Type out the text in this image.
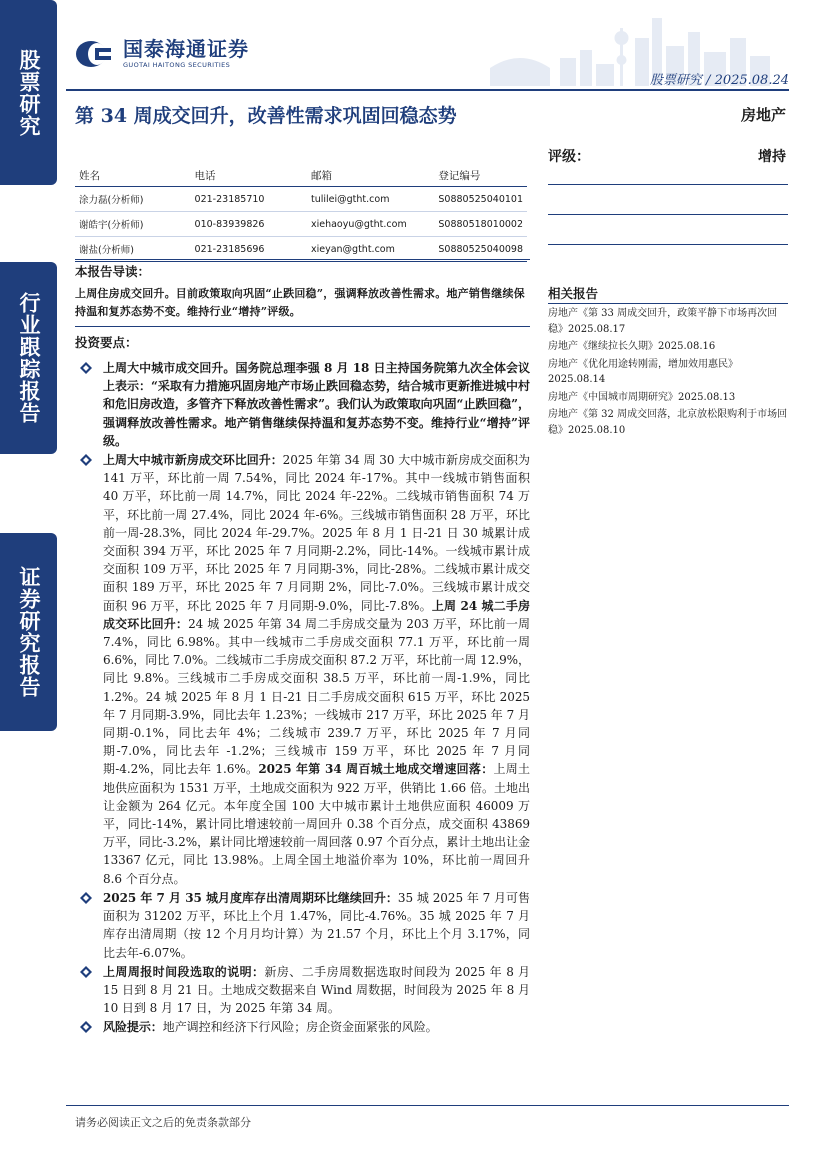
股票研究
行业跟踪报告
证券研究报告
国泰海通证券
GUOTAI HAITONG SECURITIES
股票研究 / 2025.08.24
第 34 周成交回升，改善性需求巩固回稳态势	房地产
评级：	增持
姓名	电话	邮箱	登记编号
涂力磊(分析师)	021-23185710	tulilei@gtht.com	S0880525040101
谢皓宇(分析师)	010-83939826	xiehaoyu@gtht.com	S0880518010002
谢盐(分析师)	021-23185696	xieyan@gtht.com	S0880525040098
本报告导读：
上周住房成交回升。目前政策取向巩固“止跌回稳”，强调释放改善性需求。地产销售继续保持温和复苏态势不变。维持行业“增持”评级。
投资要点：
上周大中城市成交回升。国务院总理李强 8 月 18 日主持国务院第九次全体会议上表示：“采取有力措施巩固房地产市场止跌回稳态势，结合城市更新推进城中村和危旧房改造，多管齐下释放改善性需求”。我们认为政策取向巩固“止跌回稳”，强调释放改善性需求。地产销售继续保持温和复苏态势不变。维持行业“增持”评级。
上周大中城市新房成交环比回升：2025 年第 34 周 30 大中城市新房成交面积为 141 万平，环比前一周 7.54%，同比 2024 年-17%。其中一线城市销售面积 40 万平，环比前一周 14.7%，同比 2024 年-22%。二线城市销售面积 74 万平，环比前一周 27.4%，同比 2024 年-6%。三线城市销售面积 28 万平，环比前一周-28.3%，同比 2024 年-29.7%。2025 年 8 月 1 日-21 日 30 城累计成交面积 394 万平，环比 2025 年 7 月同期-2.2%，同比-14%。一线城市累计成交面积 109 万平，环比 2025 年 7 月同期-3%，同比-28%。二线城市累计成交面积 189 万平，环比 2025 年 7 月同期 2%，同比-7.0%。三线城市累计成交面积 96 万平，环比 2025 年 7 月同期-9.0%，同比-7.8%。上周 24 城二手房成交环比回升：24 城 2025 年第 34 周二手房成交量为 203 万平，环比前一周 7.4%，同比 6.98%。其中一线城市二手房成交面积 77.1 万平，环比前一周 6.6%，同比 7.0%。二线城市二手房成交面积 87.2 万平，环比前一周 12.9%，同比 9.8%。三线城市二手房成交面积 38.5 万平，环比前一周-1.9%，同比 1.2%。24 城 2025 年 8 月 1 日-21 日二手房成交面积 615 万平，环比 2025 年 7 月同期-3.9%，同比去年 1.23%；一线城市 217 万平，环比 2025 年 7 月同期-0.1%，同比去年 4%；二线城市 239.7 万平，环比 2025 年 7 月同期-7.0%，同比去年 -1.2%；三线城市 159 万平，环比 2025 年 7 月同期-4.2%，同比去年 1.6%。2025 年第 34 周百城土地成交增速回落：上周土地供应面积为 1531 万平，土地成交面积为 922 万平，供销比 1.66 倍。土地出让金额为 264 亿元。本年度全国 100 大中城市累计土地供应面积 46009 万平，同比-14%，累计同比增速较前一周回升 0.38 个百分点，成交面积 43869 万平，同比-3.2%，累计同比增速较前一周回落 0.97 个百分点，累计土地出让金 13367 亿元，同比 13.98%。上周全国土地溢价率为 10%，环比前一周回升 8.6 个百分点。
2025 年 7 月 35 城月度库存出清周期环比继续回升：35 城 2025 年 7 月可售面积为 31202 万平，环比上个月 1.47%，同比-4.76%。35 城 2025 年 7 月库存出清周期（按 12 个月月均计算）为 21.57 个月，环比上个月 3.17%，同比去年-6.07%。
上周周报时间段选取的说明：新房、二手房周数据选取时间段为 2025 年 8 月 15 日到 8 月 21 日。土地成交数据来自 Wind 周数据，时间段为 2025 年 8 月 10 日到 8 月 17 日，为 2025 年第 34 周。
风险提示：地产调控和经济下行风险；房企资金面紧张的风险。
相关报告
房地产《第 33 周成交回升，政策平静下市场再次回稳》2025.08.17
房地产《继续拉长久期》2025.08.16
房地产《优化用途转刚需，增加效用惠民》2025.08.14
房地产《中国城市周期研究》2025.08.13
房地产《第 32 周成交回落，北京放松限购利于市场回稳》2025.08.10
请务必阅读正文之后的免责条款部分
